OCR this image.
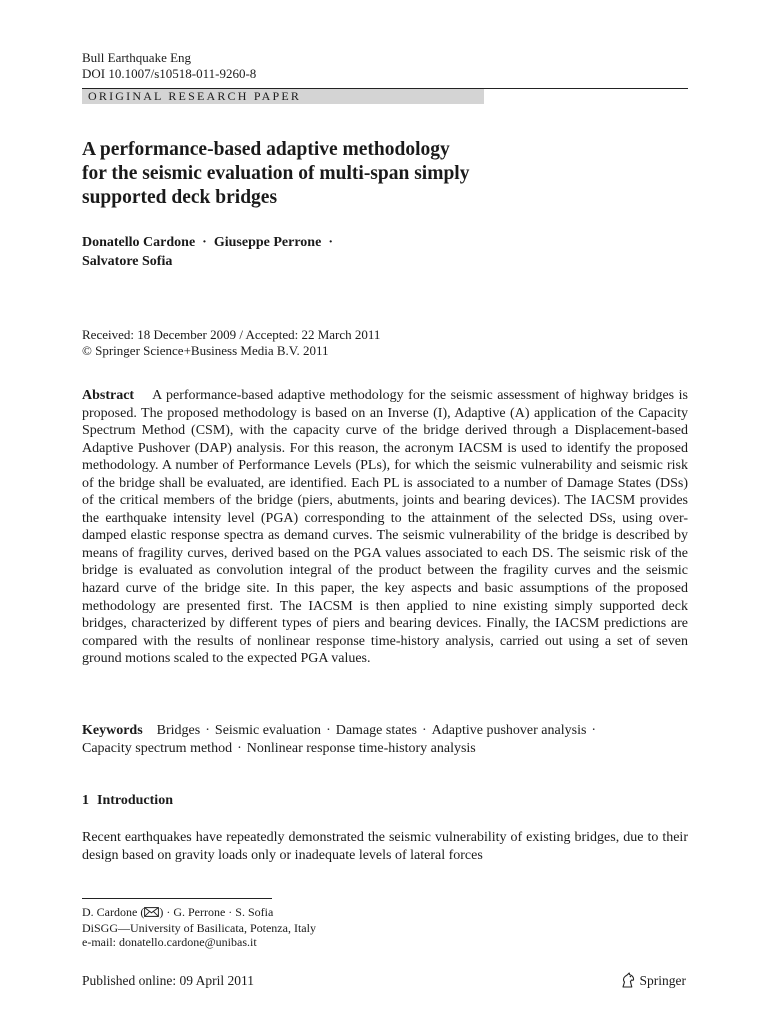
Bull Earthquake Eng
DOI 10.1007/s10518-011-9260-8
ORIGINAL RESEARCH PAPER
A performance-based adaptive methodology
for the seismic evaluation of multi-span simply
supported deck bridges
Donatello Cardone · Giuseppe Perrone ·
Salvatore Sofia
Received: 18 December 2009 / Accepted: 22 March 2011
© Springer Science+Business Media B.V. 2011
Abstract A performance-based adaptive methodology for the seismic assessment of highway bridges is proposed. The proposed methodology is based on an Inverse (I), Adaptive (A) application of the Capacity Spectrum Method (CSM), with the capacity curve of the bridge derived through a Displacement-based Adaptive Pushover (DAP) analysis. For this reason, the acronym IACSM is used to identify the proposed methodology. A number of Performance Levels (PLs), for which the seismic vulnerability and seismic risk of the bridge shall be evaluated, are identified. Each PL is associated to a number of Damage States (DSs) of the critical members of the bridge (piers, abutments, joints and bearing devices). The IACSM provides the earthquake intensity level (PGA) corresponding to the attainment of the selected DSs, using over-damped elastic response spectra as demand curves. The seismic vulnerability of the bridge is described by means of fragility curves, derived based on the PGA values associated to each DS. The seismic risk of the bridge is evaluated as convolution integral of the product between the fragility curves and the seismic hazard curve of the bridge site. In this paper, the key aspects and basic assumptions of the proposed methodology are presented first. The IACSM is then applied to nine existing simply supported deck bridges, characterized by different types of piers and bearing devices. Finally, the IACSM predictions are compared with the results of nonlinear response time-history analysis, carried out using a set of seven ground motions scaled to the expected PGA values.
Keywords Bridges · Seismic evaluation · Damage states · Adaptive pushover analysis · Capacity spectrum method · Nonlinear response time-history analysis
1 Introduction
Recent earthquakes have repeatedly demonstrated the seismic vulnerability of existing bridges, due to their design based on gravity loads only or inadequate levels of lateral forces
D. Cardone ( ) · G. Perrone · S. Sofia
DiSGG—University of Basilicata, Potenza, Italy
e-mail: donatello.cardone@unibas.it
Published online: 09 April 2011	Springer
